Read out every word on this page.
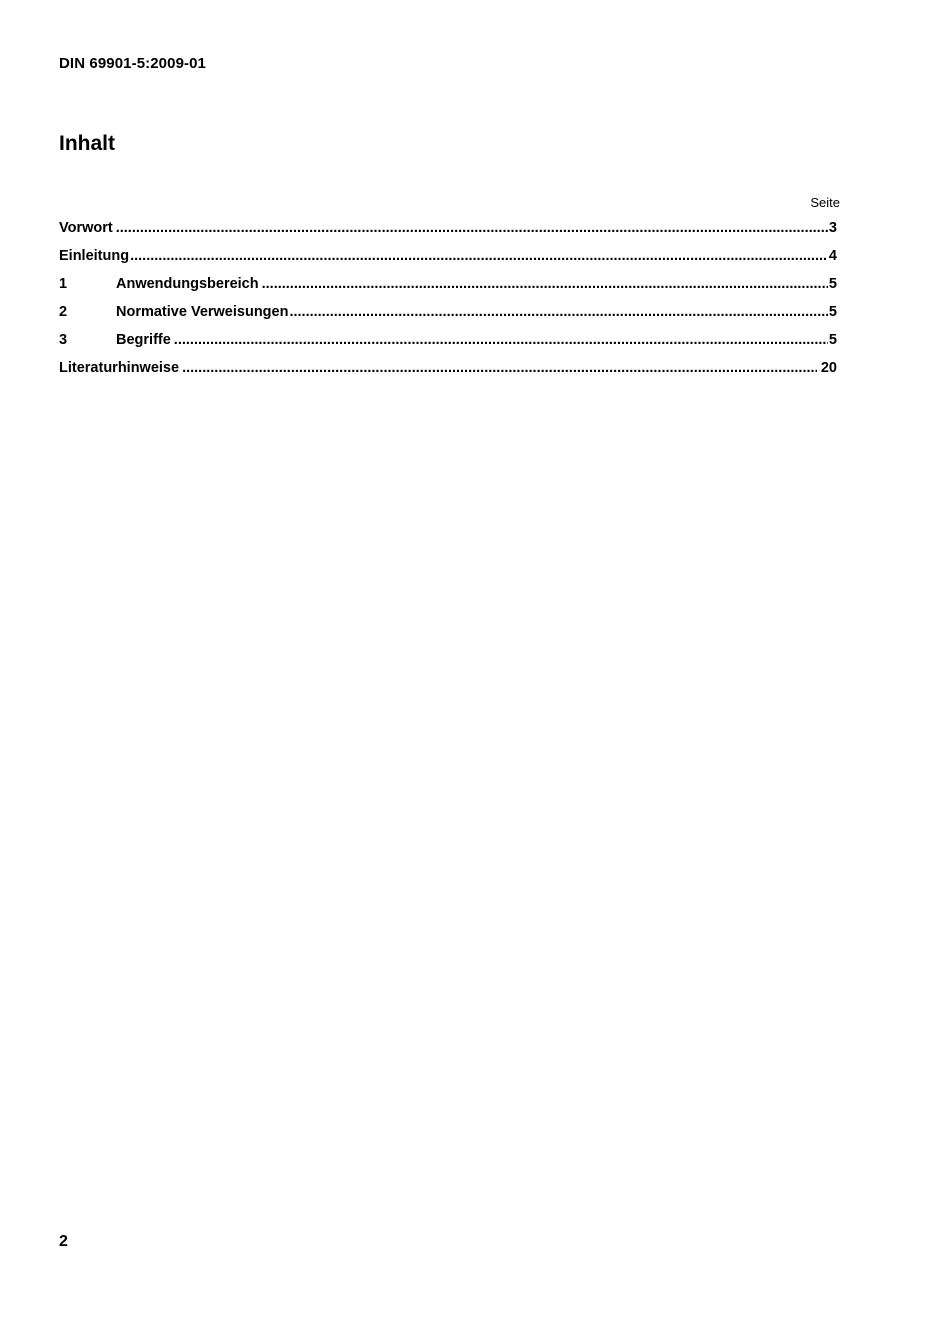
DIN 69901-5:2009-01
Inhalt
Seite
Vorwort .....	3
Einleitung .....	4
1	Anwendungsbereich .....	5
2	Normative Verweisungen .....	5
3	Begriffe .....	5
Literaturhinweise .....	20
2
